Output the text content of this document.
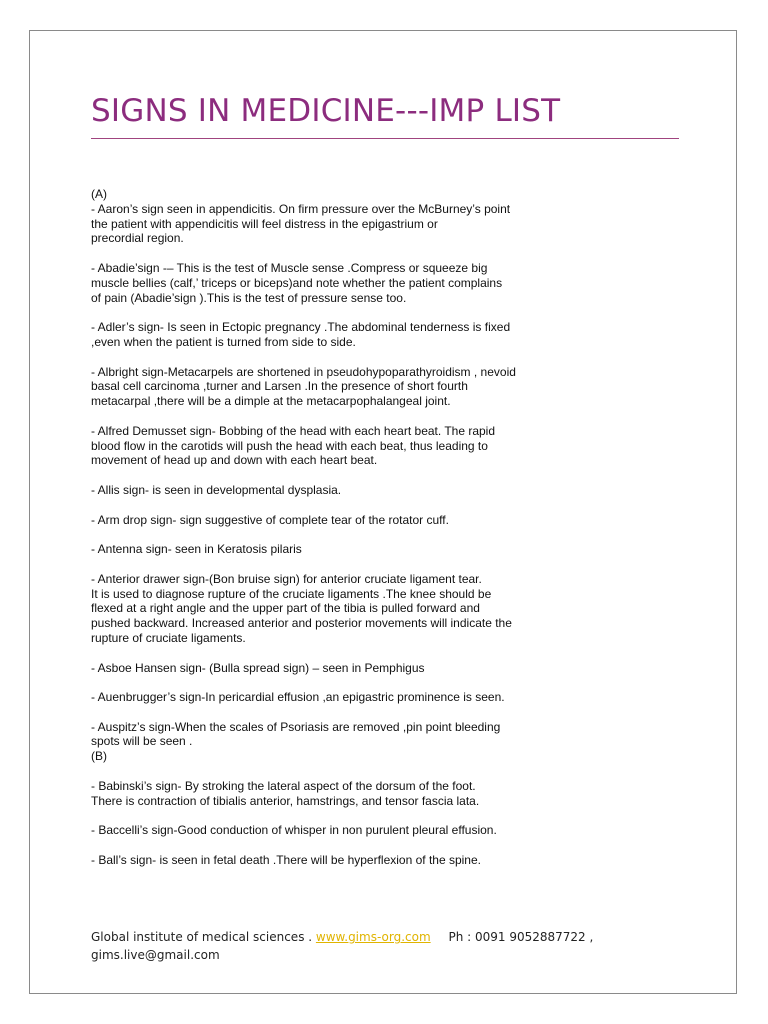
SIGNS IN MEDICINE---IMP LIST
(A)

- Aaron’s sign seen in appendicitis. On firm pressure over the McBurney’s point
the patient with appendicitis will feel distress in the epigastrium or
precordial region.

- Abadie’sign -– This is the test of Muscle sense .Compress or squeeze big
muscle bellies (calf,’ triceps or biceps)and note whether the patient complains
of pain (Abadie’sign ).This is the test of pressure sense too.

- Adler’s sign- Is seen in Ectopic pregnancy .The abdominal tenderness is fixed
,even when the patient is turned from side to side.

- Albright sign-Metacarpels are shortened in pseudohypoparathyroidism , nevoid
basal cell carcinoma ,turner and Larsen .In the presence of short fourth
metacarpal ,there will be a dimple at the metacarpophalangeal joint.

- Alfred Demusset sign- Bobbing of the head with each heart beat. The rapid
blood flow in the carotids will push the head with each beat, thus leading to
movement of head up and down with each heart beat.

- Allis sign- is seen in developmental dysplasia.

- Arm drop sign- sign suggestive of complete tear of the rotator cuff.

- Antenna sign- seen in Keratosis pilaris

- Anterior drawer sign-(Bon bruise sign) for anterior cruciate ligament tear.
It is used to diagnose rupture of the cruciate ligaments .The knee should be
flexed at a right angle and the upper part of the tibia is pulled forward and
pushed backward. Increased anterior and posterior movements will indicate the
rupture of cruciate ligaments.

- Asboe Hansen sign- (Bulla spread sign) – seen in Pemphigus

- Auenbrugger’s sign-In pericardial effusion ,an epigastric prominence is seen.

- Auspitz’s sign-When the scales of Psoriasis are removed ,pin point bleeding
spots will be seen .

(B)

- Babinski’s sign- By stroking the lateral aspect of the dorsum of the foot.
There is contraction of tibialis anterior, hamstrings, and tensor fascia lata.

- Baccelli’s sign-Good conduction of whisper in non purulent pleural effusion.

- Ball’s sign- is seen in fetal death .There will be hyperflexion of the spine.

Global institute of medical sciences . www.gims-org.com Ph : 0091 9052887722 ,
gims.live@gmail.com
